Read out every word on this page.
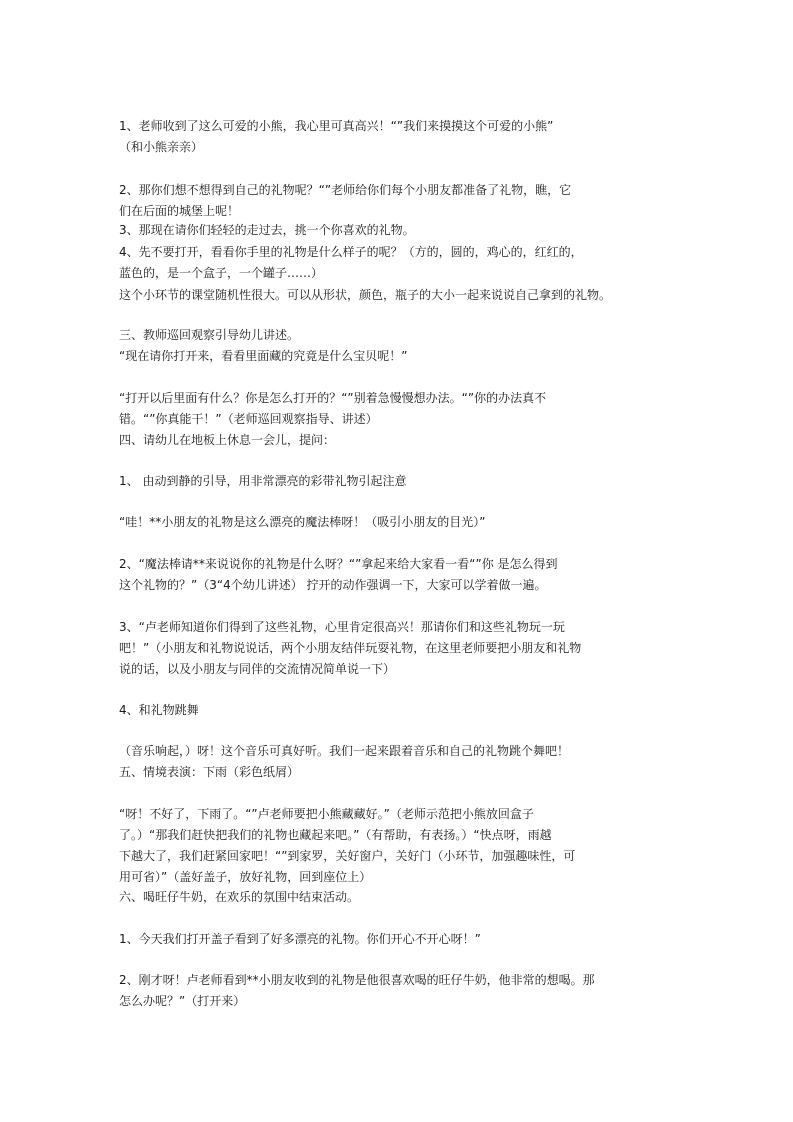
1、老师收到了这么可爱的小熊，我心里可真高兴！“”我们来摸摸这个可爱的小熊”

（和小熊亲亲）

2、那你们想不想得到自己的礼物呢？“”老师给你们每个小朋友都准备了礼物，瞧，它

们在后面的城堡上呢！

3、那现在请你们轻轻的走过去，挑一个你喜欢的礼物。

4、先不要打开，看看你手里的礼物是什么样子的呢？（方的，圆的，鸡心的，红红的，

蓝色的，是一个盒子，一个罐子……）

这个小环节的课堂随机性很大。可以从形状，颜色，瓶子的大小一起来说说自己拿到的礼物。

三、教师巡回观察引导幼儿讲述。

“现在请你打开来，看看里面藏的究竟是什么宝贝呢！”

“打开以后里面有什么？你是怎么打开的？“”别着急慢慢想办法。“”你的办法真不

错。“”你真能干！”（老师巡回观察指导、讲述）

四、请幼儿在地板上休息一会儿，提问：

1、 由动到静的引导，用非常漂亮的彩带礼物引起注意

“哇！**小朋友的礼物是这么漂亮的魔法棒呀！（吸引小朋友的目光）”

2、“魔法棒请**来说说你的礼物是什么呀？“”拿起来给大家看一看“”你 是怎么得到

这个礼物的？”（3“4个幼儿讲述） 拧开的动作强调一下，大家可以学着做一遍。

3、“卢老师知道你们得到了这些礼物，心里肯定很高兴！那请你们和这些礼物玩一玩

吧！”（小朋友和礼物说说话，两个小朋友结伴玩耍礼物，在这里老师要把小朋友和礼物

说的话，以及小朋友与同伴的交流情况简单说一下）

4、和礼物跳舞

（音乐响起，）呀！这个音乐可真好听。我们一起来跟着音乐和自己的礼物跳个舞吧！

五、情境表演：下雨（彩色纸屑）

“呀！不好了，下雨了。“”卢老师要把小熊藏藏好。”（老师示范把小熊放回盒子

了。）“那我们赶快把我们的礼物也藏起来吧。”（有帮助，有表扬。）“快点呀，雨越

下越大了，我们赶紧回家吧！“”到家罗，关好窗户，关好门（小环节，加强趣味性，可

用可省）”（盖好盖子，放好礼物，回到座位上）

六、喝旺仔牛奶，在欢乐的氛围中结束活动。

1、今天我们打开盖子看到了好多漂亮的礼物。你们开心不开心呀！”

2、刚才呀！卢老师看到**小朋友收到的礼物是他很喜欢喝的旺仔牛奶，他非常的想喝。那

怎么办呢？”（打开来）
